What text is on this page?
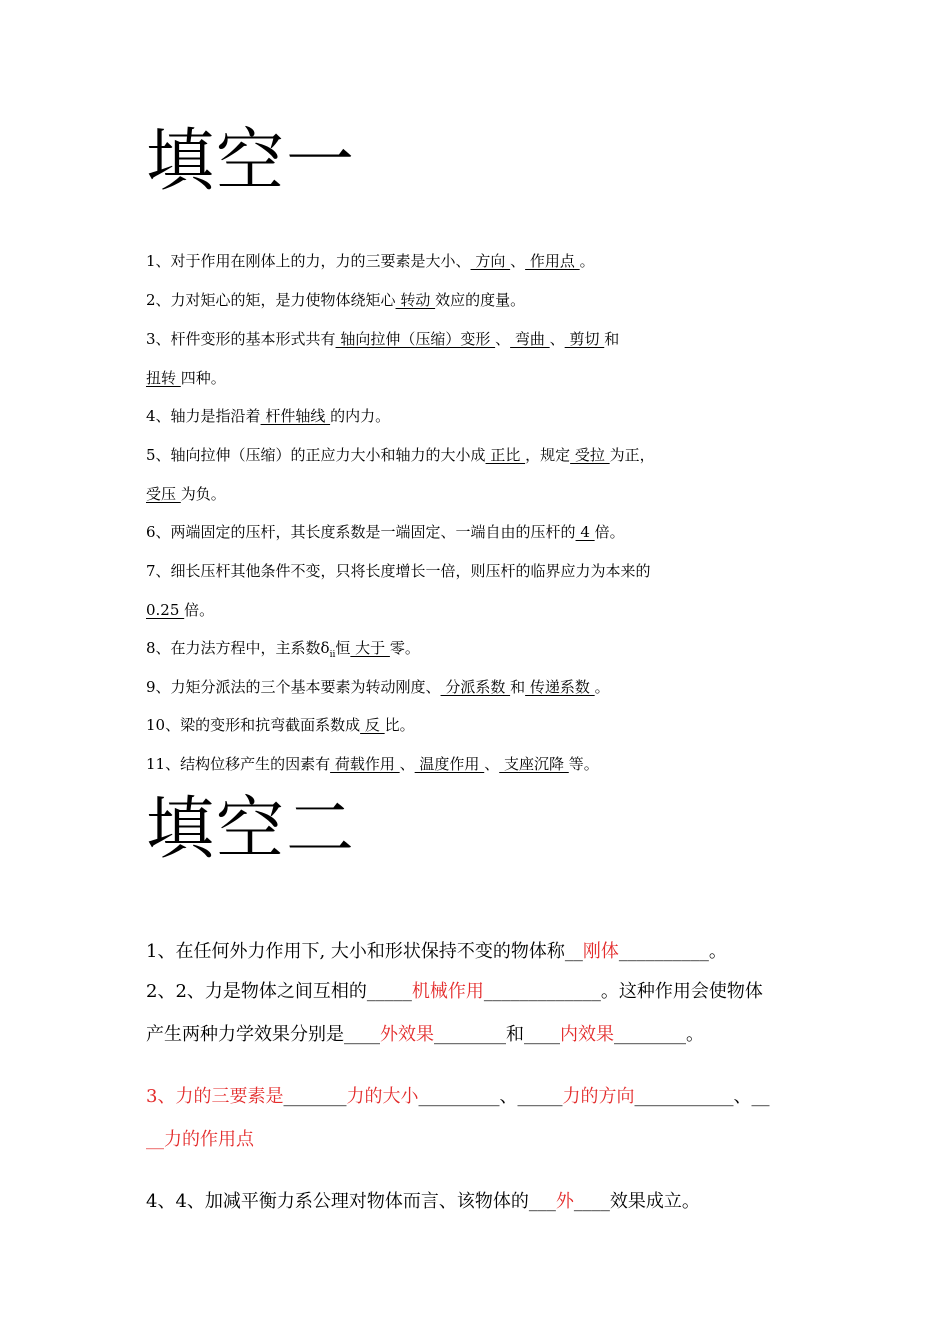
填空一
1、对于作用在刚体上的力，力的三要素是大小、 方向 、 作用点 。
2、力对矩心的矩，是力使物体绕矩心 转动 效应的度量。
3、杆件变形的基本形式共有 轴向拉伸（压缩）变形 、 弯曲 、 剪切 和
扭转 四种。
4、轴力是指沿着 杆件轴线 的内力。
5、轴向拉伸（压缩）的正应力大小和轴力的大小成 正比 ，规定 受拉 为正，
受压 为负。
6、两端固定的压杆，其长度系数是一端固定、一端自由的压杆的 4 倍。
7、细长压杆其他条件不变，只将长度增长一倍，则压杆的临界应力为本来的
0.25 倍。
8、在力法方程中，主系数$\delta_{ii}$恒 大于 零。
9、力矩分派法的三个基本要素为转动刚度、 分派系数 和 传递系数 。
10、梁的变形和抗弯截面系数成 反 比。
11、结构位移产生的因素有 荷载作用 、 温度作用 、 支座沉降 等。
填空二
1、在任何外力作用下, 大小和形状保持不变的物体称__刚体__________。
2、2、力是物体之间互相的_____机械作用_____________。这种作用会使物体
产生两种力学效果分别是____外效果________和____内效果________。
3、力的三要素是_______力的大小_________、_____力的方向___________、__
__力的作用点
4、4、加减平衡力系公理对物体而言、该物体的___外____效果成立。
